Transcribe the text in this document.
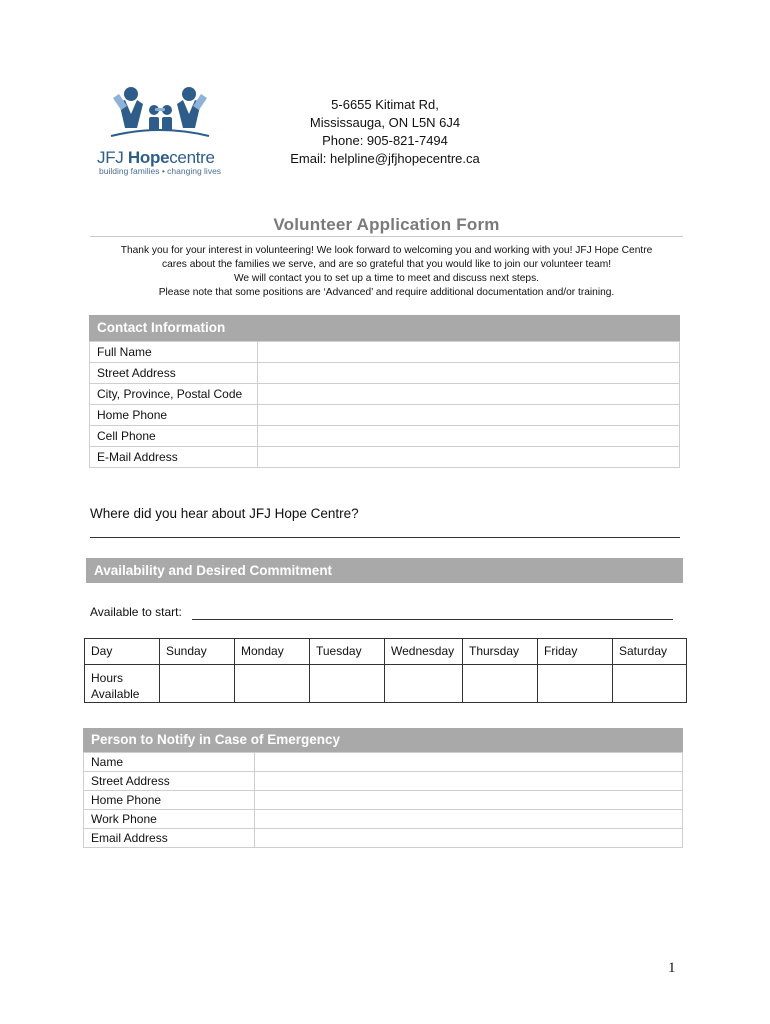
JFJ Hopecentre
building families • changing lives
5-6655 Kitimat Rd,
Mississauga, ON L5N 6J4
Phone: 905-821-7494
Email: helpline@jfjhopecentre.ca
Volunteer Application Form
Thank you for your interest in volunteering! We look forward to welcoming you and working with you! JFJ Hope Centre
cares about the families we serve, and are so grateful that you would like to join our volunteer team!
We will contact you to set up a time to meet and discuss next steps.
Please note that some positions are ‘Advanced’ and require additional documentation and/or training.
Contact Information
Full Name	
Street Address	
City, Province, Postal Code	
Home Phone	
Cell Phone	
E-Mail Address	
Where did you hear about JFJ Hope Centre?
Availability and Desired Commitment
Available to start:
Day	Sunday	Monday	Tuesday	Wednesday	Thursday	Friday	Saturday
Hours
Available							
Person to Notify in Case of Emergency
Name	
Street Address	
Home Phone	
Work Phone	
Email Address	
1
